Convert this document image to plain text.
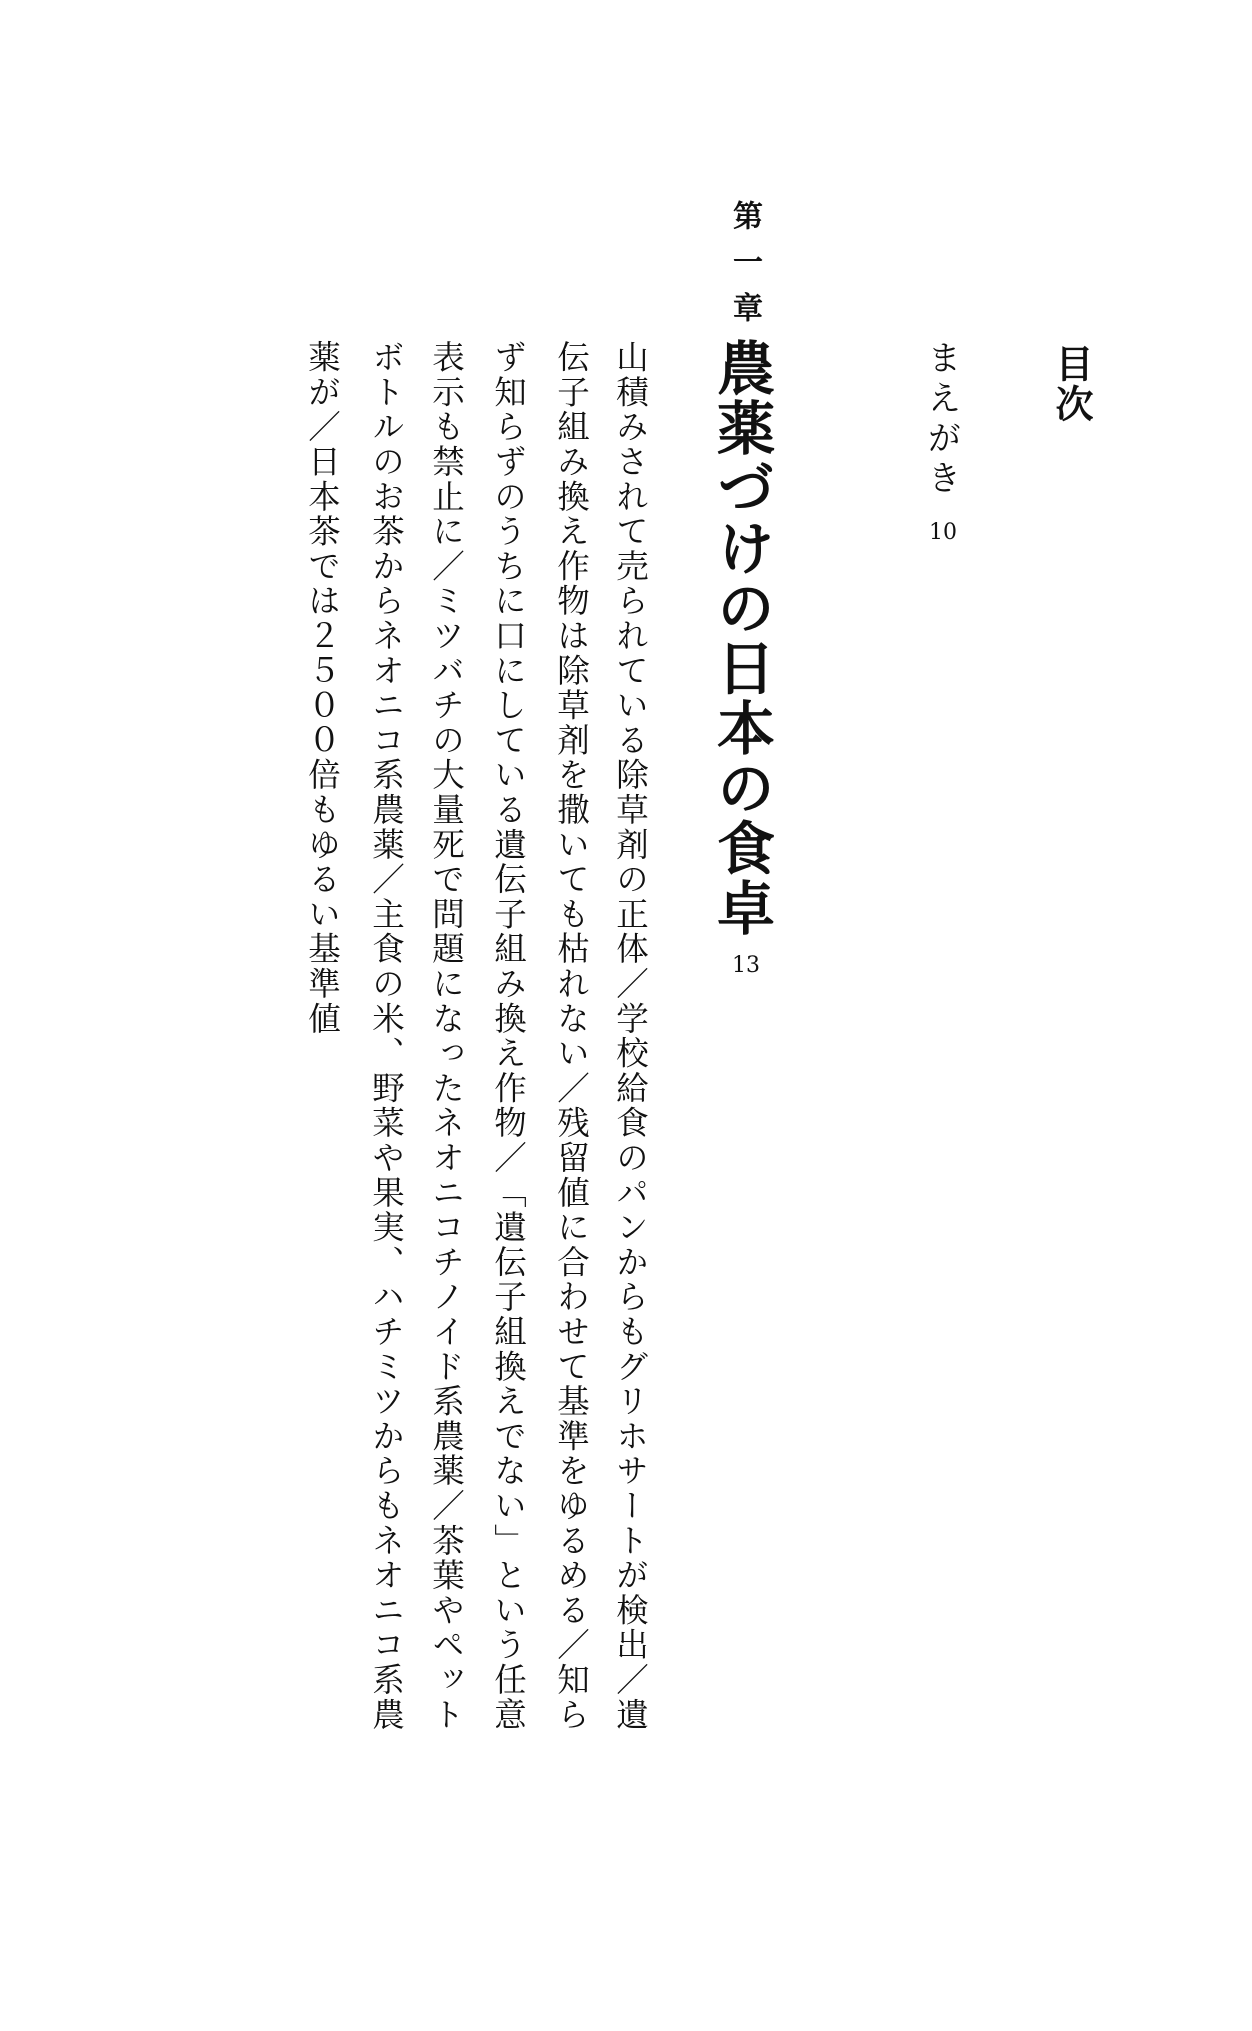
目次
まえがき
10
第一章
農薬づけの日本の食卓
13
山積みされて売られている除草剤の正体／学校給食のパンからもグリホサートが検出／遺
伝子組み換え作物は除草剤を撒いても枯れない／残留値に合わせて基準をゆるめる／知ら
ず知らずのうちに口にしている遺伝子組み換え作物／「遺伝子組換えでない」という任意
表示も禁止に／ミツバチの大量死で問題になったネオニコチノイド系農薬／茶葉やペット
ボトルのお茶からネオニコ系農薬／主食の米、野菜や果実、ハチミツからもネオニコ系農
薬が／日本茶では２５００倍もゆるい基準値
